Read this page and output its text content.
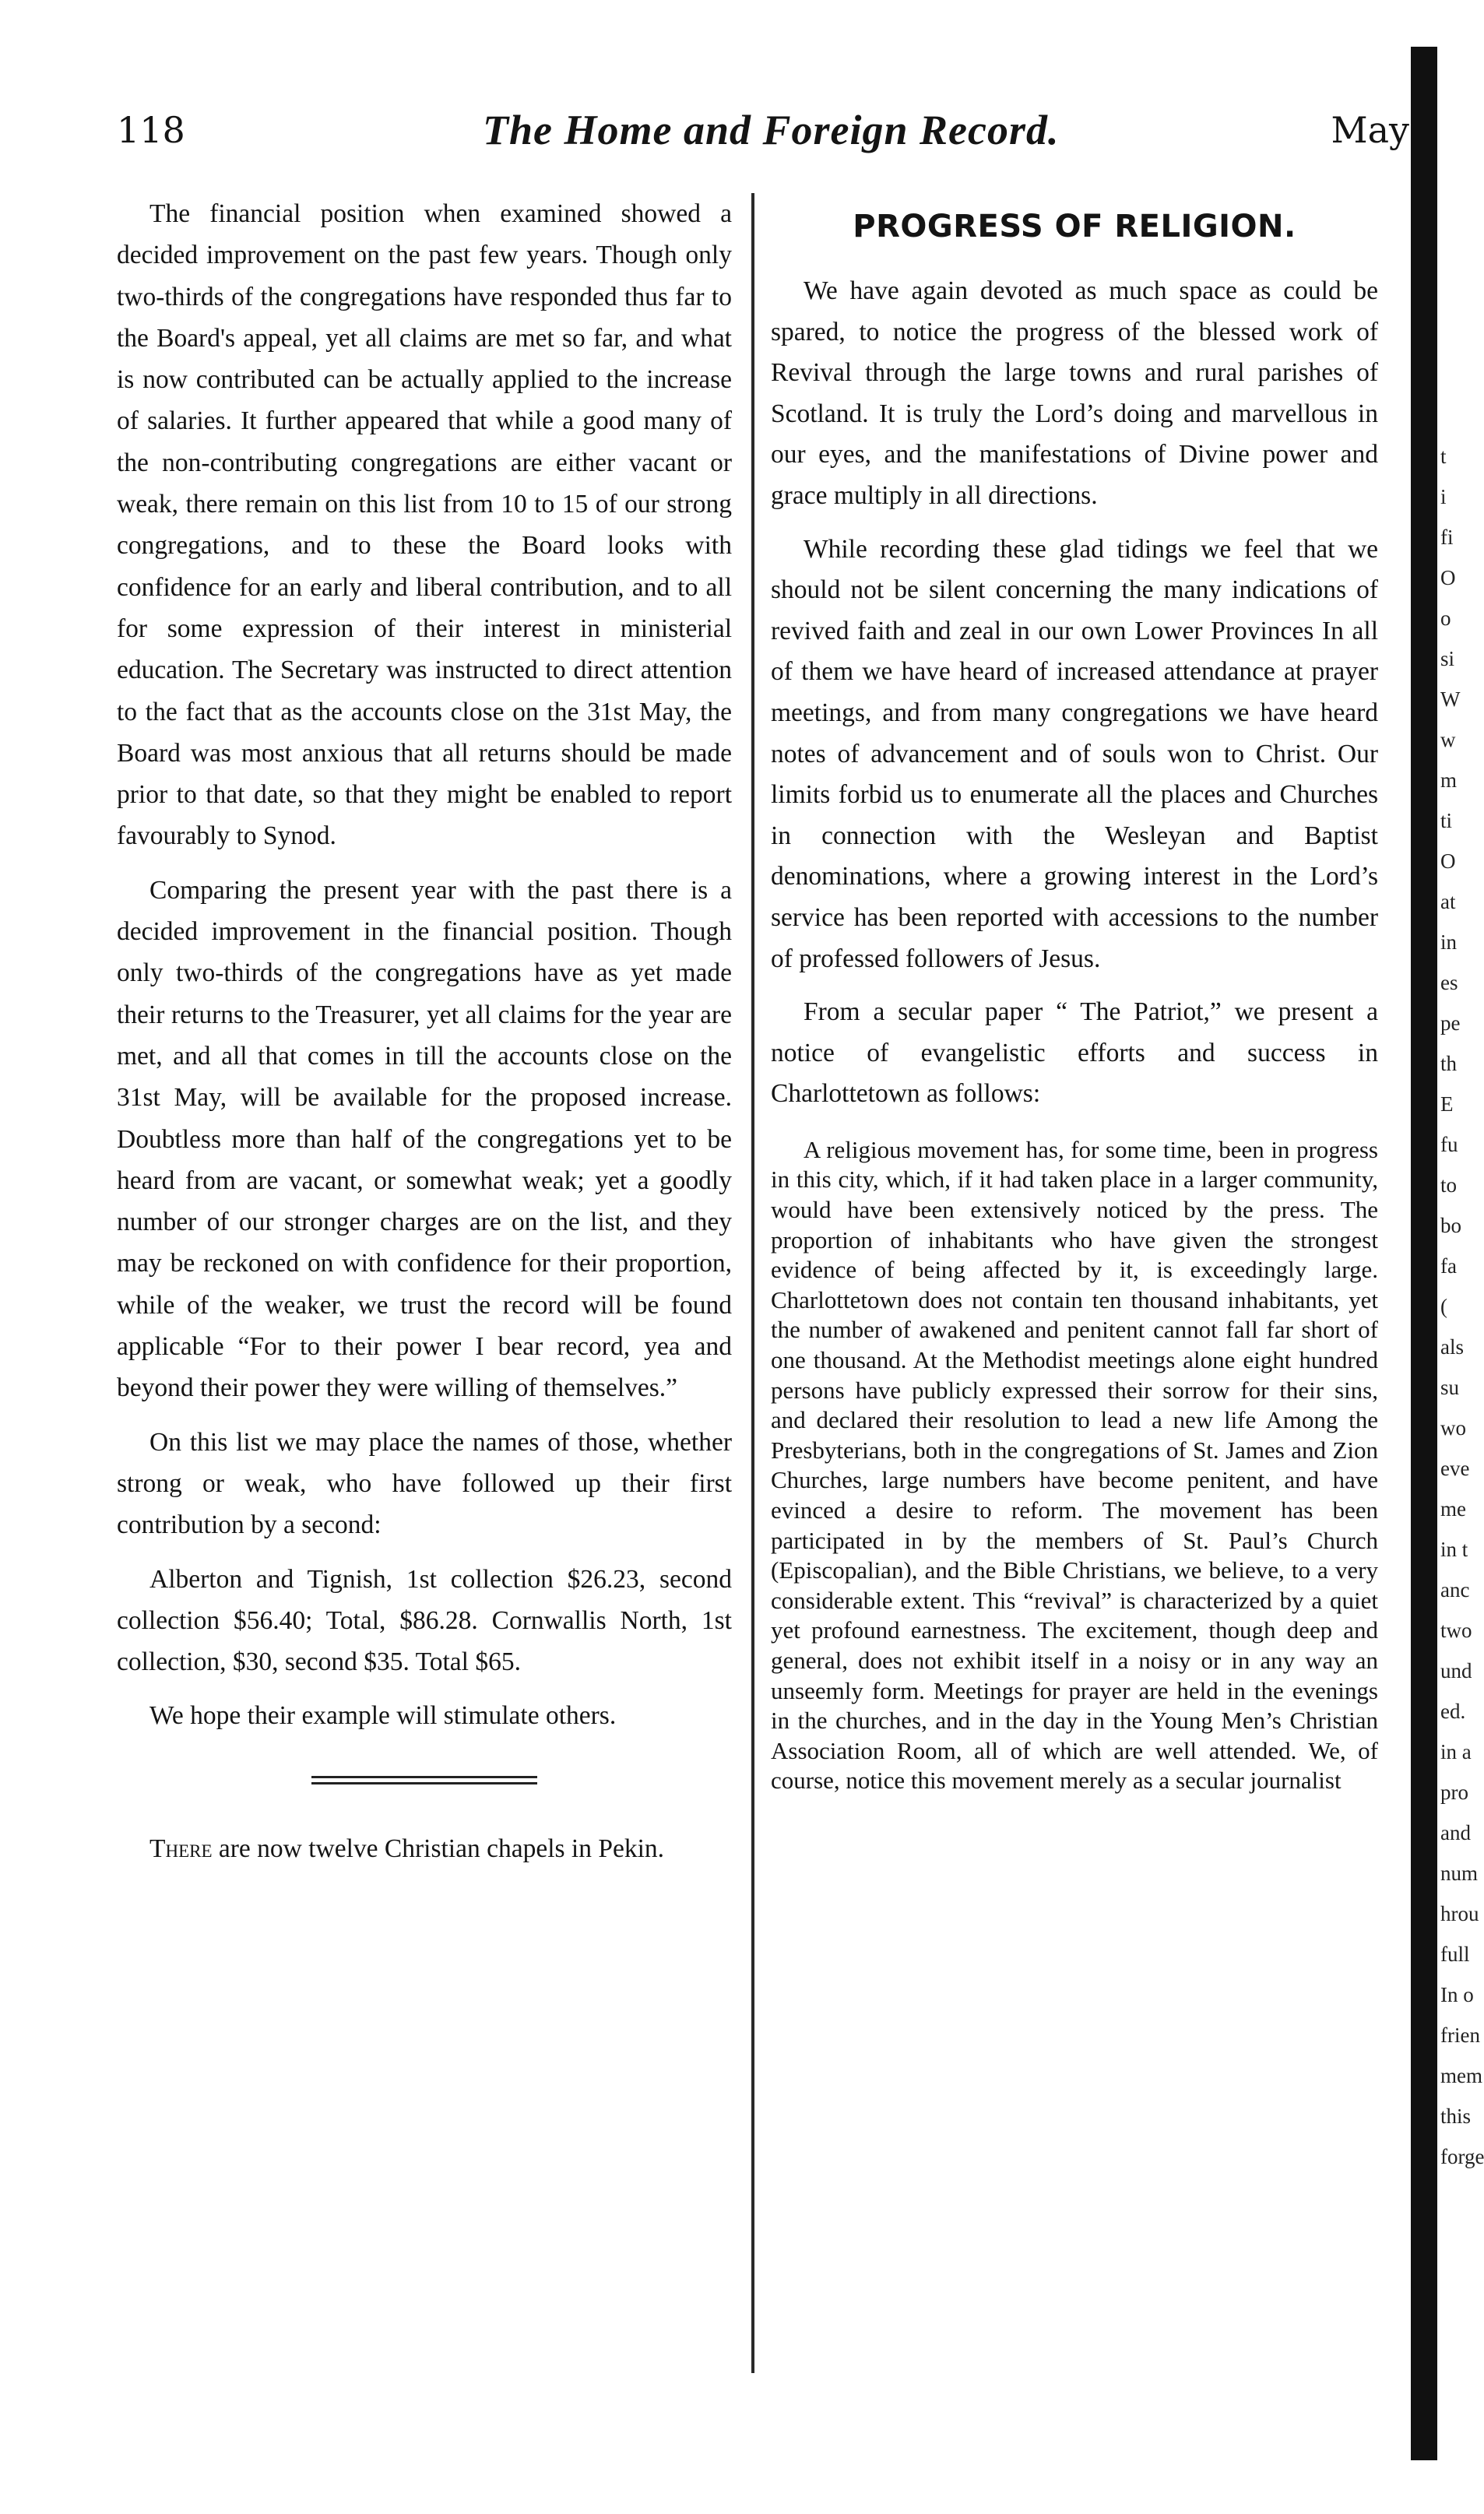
118	The Home and Foreign Record.	May

The financial position when examined showed a decided improvement on the past few years. Though only two-thirds of the congregations have responded thus far to the Board's appeal, yet all claims are met so far, and what is now contributed can be actually applied to the increase of salaries. It further appeared that while a good many of the non-contributing congregations are either vacant or weak, there remain on this list from 10 to 15 of our strong congregations, and to these the Board looks with confidence for an early and liberal contribution, and to all for some expression of their interest in ministerial education. The Secretary was instructed to direct attention to the fact that as the accounts close on the 31st May, the Board was most anxious that all returns should be made prior to that date, so that they might be enabled to report favourably to Synod.

Comparing the present year with the past there is a decided improvement in the financial position. Though only two-thirds of the congregations have as yet made their returns to the Treasurer, yet all claims for the year are met, and all that comes in till the accounts close on the 31st May, will be available for the proposed increase. Doubtless more than half of the congregations yet to be heard from are vacant, or somewhat weak; yet a goodly number of our stronger charges are on the list, and they may be reckoned on with confidence for their proportion, while of the weaker, we trust the record will be found applicable “For to their power I bear record, yea and beyond their power they were willing of themselves.”

On this list we may place the names of those, whether strong or weak, who have followed up their first contribution by a second:

Alberton and Tignish, 1st collection $26.23, second collection $56.40; Total, $86.28. Cornwallis North, 1st collection, $30, second $35. Total $65.

We hope their example will stimulate others.

There are now twelve Christian chapels in Pekin.

PROGRESS OF RELIGION.

We have again devoted as much space as could be spared, to notice the progress of the blessed work of Revival through the large towns and rural parishes of Scotland. It is truly the Lord’s doing and marvellous in our eyes, and the manifestations of Divine power and grace multiply in all directions.

While recording these glad tidings we feel that we should not be silent concerning the many indications of revived faith and zeal in our own Lower Provinces In all of them we have heard of increased attendance at prayer meetings, and from many congregations we have heard notes of advancement and of souls won to Christ. Our limits forbid us to enumerate all the places and Churches in connection with the Wesleyan and Baptist denominations, where a growing interest in the Lord’s service has been reported with accessions to the number of professed followers of Jesus.

From a secular paper “ The Patriot,” we present a notice of evangelistic efforts and success in Charlottetown as follows:

A religious movement has, for some time, been in progress in this city, which, if it had taken place in a larger community, would have been extensively noticed by the press. The proportion of inhabitants who have given the strongest evidence of being affected by it, is exceedingly large. Charlottetown does not contain ten thousand inhabitants, yet the number of awakened and penitent cannot fall far short of one thousand. At the Methodist meetings alone eight hundred persons have publicly expressed their sorrow for their sins, and declared their resolution to lead a new life Among the Presbyterians, both in the congregations of St. James and Zion Churches, large numbers have become penitent, and have evinced a desire to reform. The movement has been participated in by the members of St. Paul’s Church (Episcopalian), and the Bible Christians, we believe, to a very considerable extent. This “revival” is characterized by a quiet yet profound earnestness. The excitement, though deep and general, does not exhibit itself in a noisy or in any way an unseemly form. Meetings for prayer are held in the evenings in the churches, and in the day in the Young Men’s Christian Association Room, all of which are well attended. We, of course, notice this movement merely as a secular journalist

t
i
fi
O
o
si
W
w
m
ti
O
at
in
es
pe
th
E
fu
to
bo
fa
(
als
su
wo
eve
me
in t
anc
two
und
ed.
in a
pro
and
num
hrou
full
In o
frien
mem
this
forge
